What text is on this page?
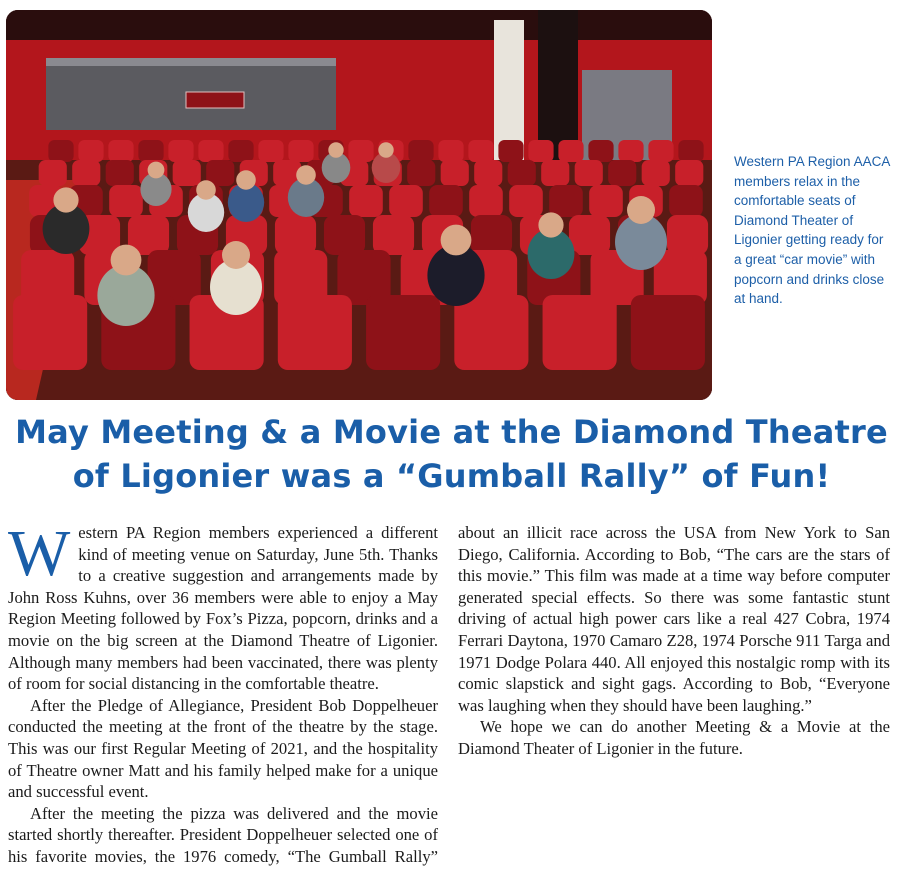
Western PA Region AACA members relax in the comfortable seats of Diamond Theater of Ligonier getting ready for a great “car movie” with popcorn and drinks close at hand.
May Meeting & a Movie at the Diamond Theatre
of Ligonier was a “Gumball Rally” of Fun!

Western PA Region members experienced a different kind of meeting venue on Saturday, June 5th. Thanks to a creative suggestion and arrangements made by John Ross Kuhns, over 36 members were able to enjoy a May Region Meeting followed by Fox’s Pizza, popcorn, drinks and a movie on the big screen at the Diamond Theatre of Ligonier. Although many members had been vaccinated, there was plenty of room for social distancing in the comfortable theatre.

After the Pledge of Allegiance, President Bob Doppelheuer conducted the meeting at the front of the theatre by the stage. This was our first Regular Meeting of 2021, and the hospitality of Theatre owner Matt and his family helped make for a unique and successful event.

After the meeting the pizza was delivered and the movie started shortly thereafter. President Doppelheuer selected one of his favorite movies, the 1976 comedy, “The Gumball Rally”

about an illicit race across the USA from New York to San Diego, California. According to Bob, “The cars are the stars of this movie.” This film was made at a time way before computer generated special effects. So there was some fantastic stunt driving of actual high power cars like a real 427 Cobra, 1974 Ferrari Daytona, 1970 Camaro Z28, 1974 Porsche 911 Targa and 1971 Dodge Polara 440. All enjoyed this nostalgic romp with its comic slapstick and sight gags. According to Bob, “Everyone was laughing when they should have been laughing.”

We hope we can do another Meeting & a Movie at the Diamond Theater of Ligonier in the future.
